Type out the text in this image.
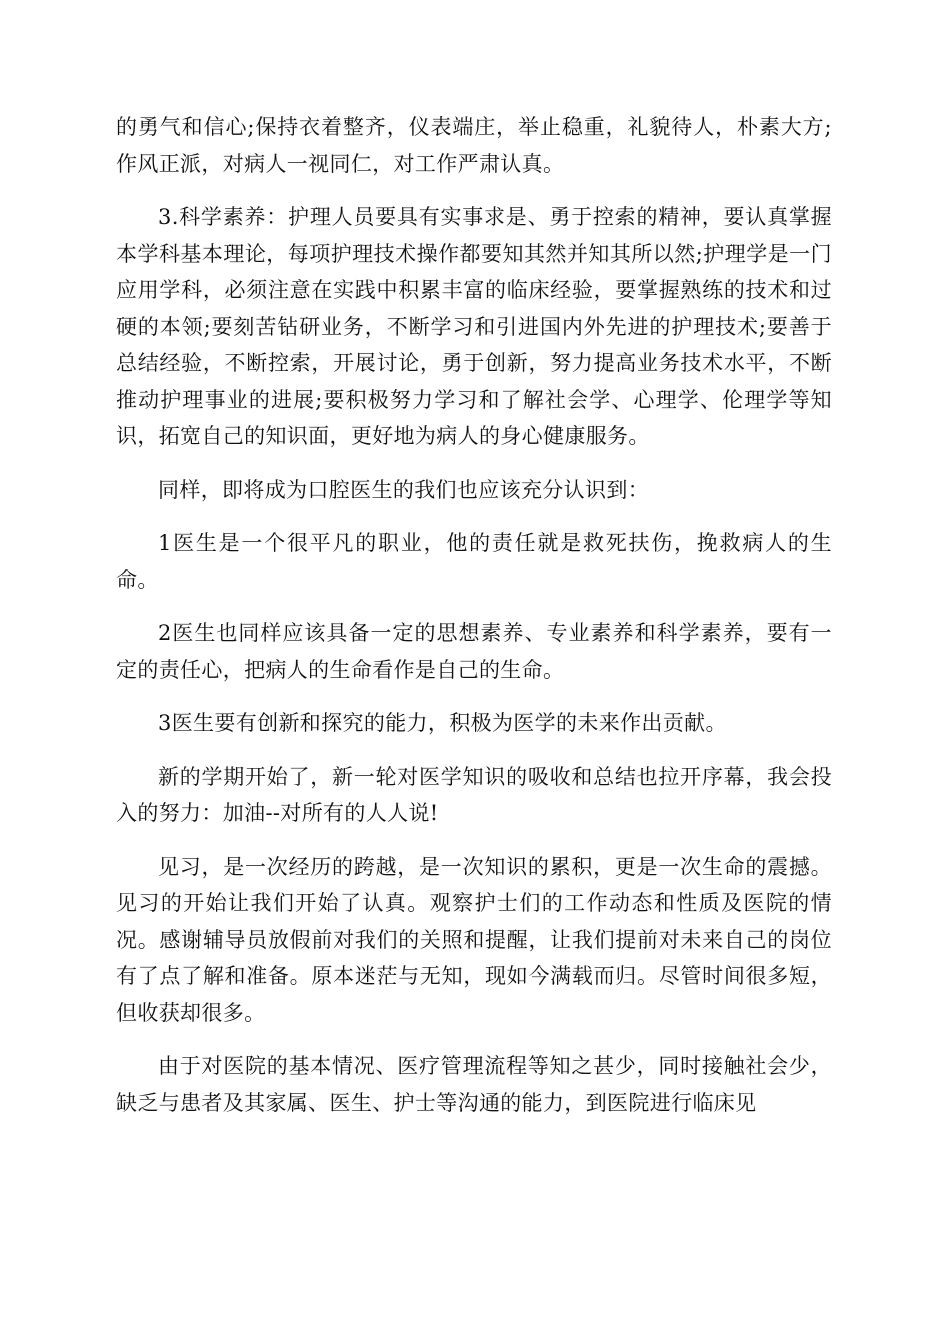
的勇气和信心;保持衣着整齐，仪表端庄，举止稳重，礼貌待人，朴素大方;作风正派，对病人一视同仁，对工作严肃认真。

3.科学素养：护理人员要具有实事求是、勇于控索的精神，要认真掌握本学科基本理论，每项护理技术操作都要知其然并知其所以然;护理学是一门应用学科，必须注意在实践中积累丰富的临床经验，要掌握熟练的技术和过硬的本领;要刻苦钻研业务，不断学习和引进国内外先进的护理技术;要善于总结经验，不断控索，开展讨论，勇于创新，努力提高业务技术水平，不断推动护理事业的进展;要积极努力学习和了解社会学、心理学、伦理学等知识，拓宽自己的知识面，更好地为病人的身心健康服务。

同样，即将成为口腔医生的我们也应该充分认识到：

1医生是一个很平凡的职业，他的责任就是救死扶伤，挽救病人的生命。

2医生也同样应该具备一定的思想素养、专业素养和科学素养，要有一定的责任心，把病人的生命看作是自己的生命。

3医生要有创新和探究的能力，积极为医学的未来作出贡献。

新的学期开始了，新一轮对医学知识的吸收和总结也拉开序幕，我会投入的努力：加油--对所有的人人说!

见习，是一次经历的跨越，是一次知识的累积，更是一次生命的震撼。见习的开始让我们开始了认真。观察护士们的工作动态和性质及医院的情况。感谢辅导员放假前对我们的关照和提醒，让我们提前对未来自己的岗位有了点了解和准备。原本迷茫与无知，现如今满载而归。尽管时间很多短，但收获却很多。

由于对医院的基本情况、医疗管理流程等知之甚少，同时接触社会少，缺乏与患者及其家属、医生、护士等沟通的能力，到医院进行临床见
